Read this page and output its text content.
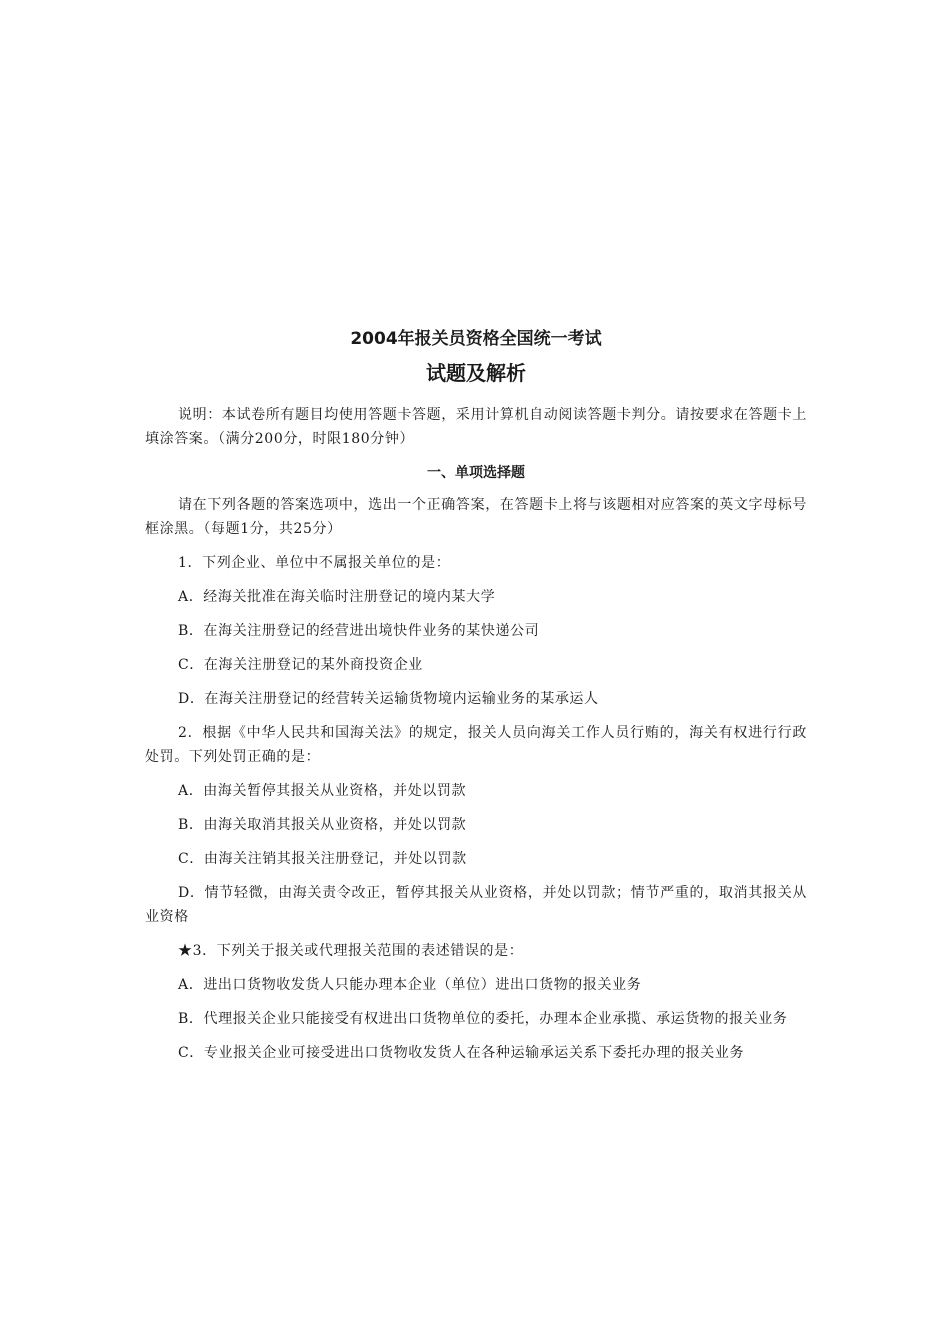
2004年报关员资格全国统一考试
试题及解析

说明：本试卷所有题目均使用答题卡答题，采用计算机自动阅读答题卡判分。请按要求在答题卡上填涂答案。（满分200分，时限180分钟）

一、单项选择题

请在下列各题的答案选项中，选出一个正确答案，在答题卡上将与该题相对应答案的英文字母标号框涂黑。（每题1分，共25分）

1．下列企业、单位中不属报关单位的是：

A．经海关批准在海关临时注册登记的境内某大学

B．在海关注册登记的经营进出境快件业务的某快递公司

C．在海关注册登记的某外商投资企业

D．在海关注册登记的经营转关运输货物境内运输业务的某承运人

2．根据《中华人民共和国海关法》的规定，报关人员向海关工作人员行贿的，海关有权进行行政处罚。下列处罚正确的是：

A．由海关暂停其报关从业资格，并处以罚款

B．由海关取消其报关从业资格，并处以罚款

C．由海关注销其报关注册登记，并处以罚款

D．情节轻微，由海关责令改正，暂停其报关从业资格，并处以罚款；情节严重的，取消其报关从业资格

★3．下列关于报关或代理报关范围的表述错误的是：

A．进出口货物收发货人只能办理本企业（单位）进出口货物的报关业务

B．代理报关企业只能接受有权进出口货物单位的委托，办理本企业承揽、承运货物的报关业务

C．专业报关企业可接受进出口货物收发货人在各种运输承运关系下委托办理的报关业务
